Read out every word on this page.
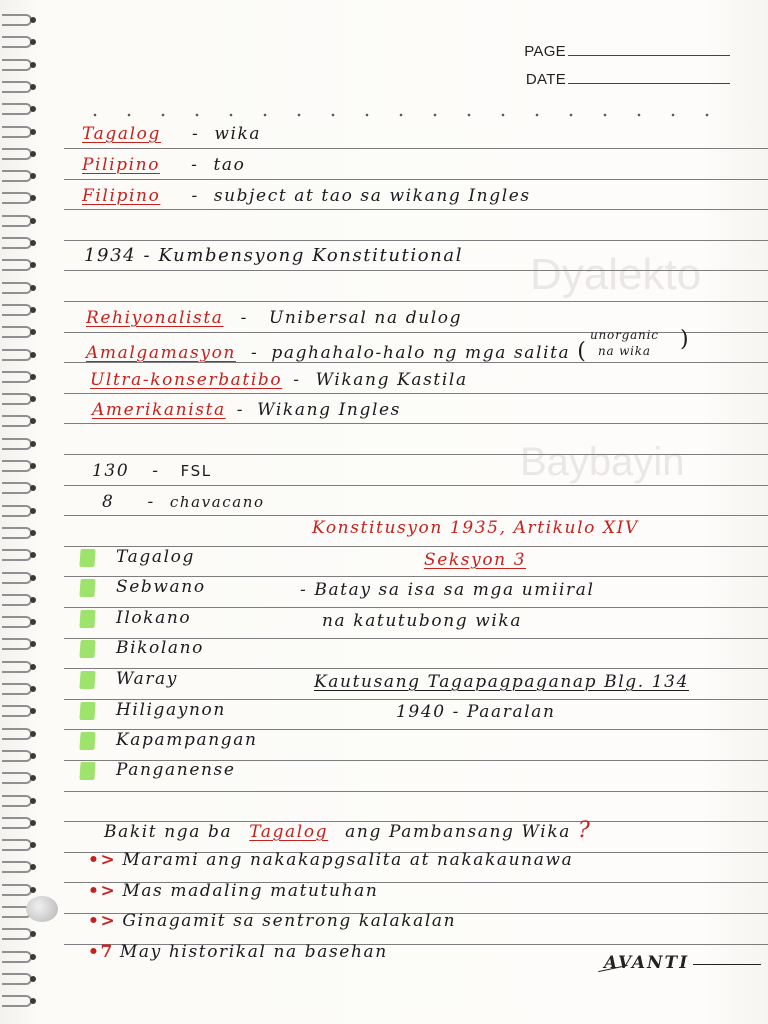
PAGE
DATE
Dyalekto
Baybayin
Tagalog - wika
Pilipino - tao
Filipino - subject at tao sa wikang Ingles
1934 - Kumbensyong Konstitutional
Rehiyonalista - Unibersal na dulog
Amalgamasyon - paghahalo-halo ng mga salita (
unorganic
na wika )
Ultra-konserbatibo - Wikang Kastila
Amerikanista - Wikang Ingles
130 - FSL
8 - chavacano
Konstitusyon 1935, Artikulo XIV
Tagalog
Sebwano
Ilokano
Bikolano
Waray
Hiligaynon
Kapampangan
Panganense
Seksyon 3
- Batay sa isa sa mga umiiral
na katutubong wika
Kautusang Tagapagpaganap Blg. 134
1940 - Paaralan
Bakit nga ba Tagalog ang Pambansang Wika ?
•> Marami ang nakakapgsalita at nakakaunawa
•> Mas madaling matutuhan
•> Ginagamit sa sentrong kalakalan
•7 May historikal na basehan
AVANTI
